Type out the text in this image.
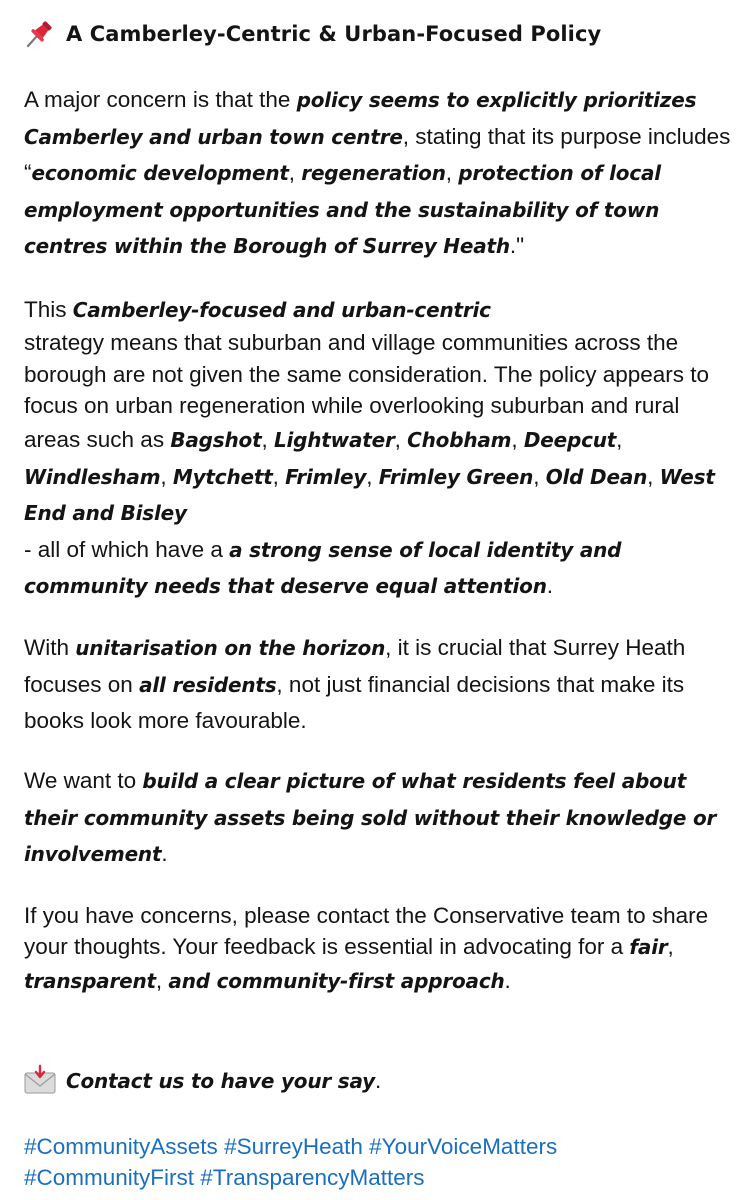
A Camberley-Centric & Urban-Focused Policy
A major concern is that the policy seems to explicitly prioritizes Camberley and urban town centre, stating that its purpose includes “economic development, regeneration, protection of local employment opportunities and the sustainability of town centres within the Borough of Surrey Heath."
This Camberley-focused and urban-centric
strategy means that suburban and village communities across the borough are not given the same consideration. The policy appears to focus on urban regeneration while overlooking suburban and rural areas such as Bagshot, Lightwater, Chobham, Deepcut, Windlesham, Mytchett, Frimley, Frimley Green, Old Dean, West End and Bisley
- all of which have a a strong sense of local identity and community needs that deserve equal attention.
With unitarisation on the horizon, it is crucial that Surrey Heath focuses on all residents, not just financial decisions that make its books look more favourable.
We want to build a clear picture of what residents feel about their community assets being sold without their knowledge or involvement.
If you have concerns, please contact the Conservative team to share your thoughts. Your feedback is essential in advocating for a fair, transparent, and community-first approach.
Contact us to have your say.
#CommunityAssets #SurreyHeath #YourVoiceMatters
#CommunityFirst #TransparencyMatters
